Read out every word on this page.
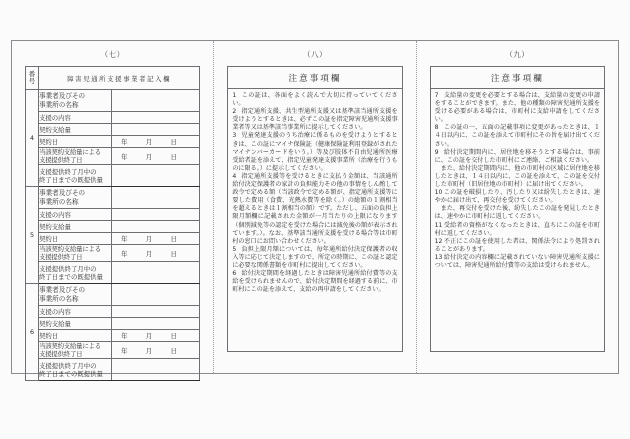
（七）
番号	障害児通所支援事業者記入欄	
4	事業者及びその
事業所の名称	

支援の内容	

契約支給量	

契約日	年 月 日

	当該契約支給量による
支援提供終了日	年 月 日

	支援提供終了月中の
終了日までの既提供量	

5	事業者及びその
事業所の名称	

支援の内容	

契約支給量	

契約日	年 月 日

	当該契約支給量による
支援提供終了日	年 月 日

	支援提供終了月中の
終了日までの既提供量	

6	事業者及びその
事業所の名称	

支援の内容	

契約支給量	

契約日	年 月 日

	当該契約支給量による
支援提供終了日	年 月 日

	支援提供終了月中の
終了日までの既提供量	

（八）
注意事項欄
1 この証は、各面をよく読んで大切に持っていてください。
2 指定通所支援、共生型通所支援又は基準該当通所支援を受けようとするときは、必ずこの証を指定障害児通所支援事業者等又は基準該当事業所に提示してください。
3 児童発達支援のうち治療に係るものを受けようとするときは、この証にマイナ保険証（健康保険証利用登録がされたマイナンバーカードをいう。）等及び肢体不自由児通所医療受給者証を添えて、指定児童発達支援事業所（治療を行うものに限る。）に提示してください。
4 指定通所支援等を受けるときに支払う金額は、当該通所給付決定保護者の家計の負担能力その他の事情をしん酌して政令で定める額（当該政令で定める額が、指定通所支援等に要した費用（食費、光熱水費等を除く。）の総額の１割相当を超えるときは１割相当の額）です。ただし、五面の負担上限月額欄に記載された金額が一月当たりの上限になります（個別減免等の認定を受けた場合には減免後の額が表示されています。）。なお、基準該当通所支援を受ける場合等は市町村の窓口にお問い合わせください。
5 負担上限月額については、毎年通所給付決定保護者の収入等に応じて決定しますので、所定の時期に、この証と認定に必要な関係書類を市町村に提出してください。
6 給付決定期間を経過したときは障害児通所給付費等の支給を受けられませんので、給付決定期間を経過する前に、市町村にこの証を添えて、支給の再申請をしてください。
（九）
注意事項欄
7 支給量の変更を必要とする場合は、支給量の変更の申請をすることができます。また、他の種類の障害児通所支援を受ける必要がある場合は、市町村に支給申請をしてください。
8 この証の一、五面の記載事項に変更があったときは、１４日以内に、この証を添えて市町村にその旨を届け出てください。
9 給付決定期間内に、居住地を移そうとする場合は、事前に、この証を交付した市町村にご連絡、ご相談ください。
また、給付決定期間内に、他の市町村の区域に居住地を移したときは、１４日以内に、この証を添えて、この証を交付した市町村（旧居住地の市町村）に届け出てください。
10この証を破損したり、汚したり又は紛失したときは、速やかに届け出て、再交付を受けてください。
また、再交付を受けた後、紛失したこの証を発見したときは、速やかに市町村に返してください。
11受給者の資格がなくなったときは、直ちにこの証を市町村に返してください。
12不正にこの証を使用した者は、関係法令により処罰されることがあります。
13給付決定の内容欄に記載されていない障害児通所支援については、障害児通所給付費等の支給は受けられません。
